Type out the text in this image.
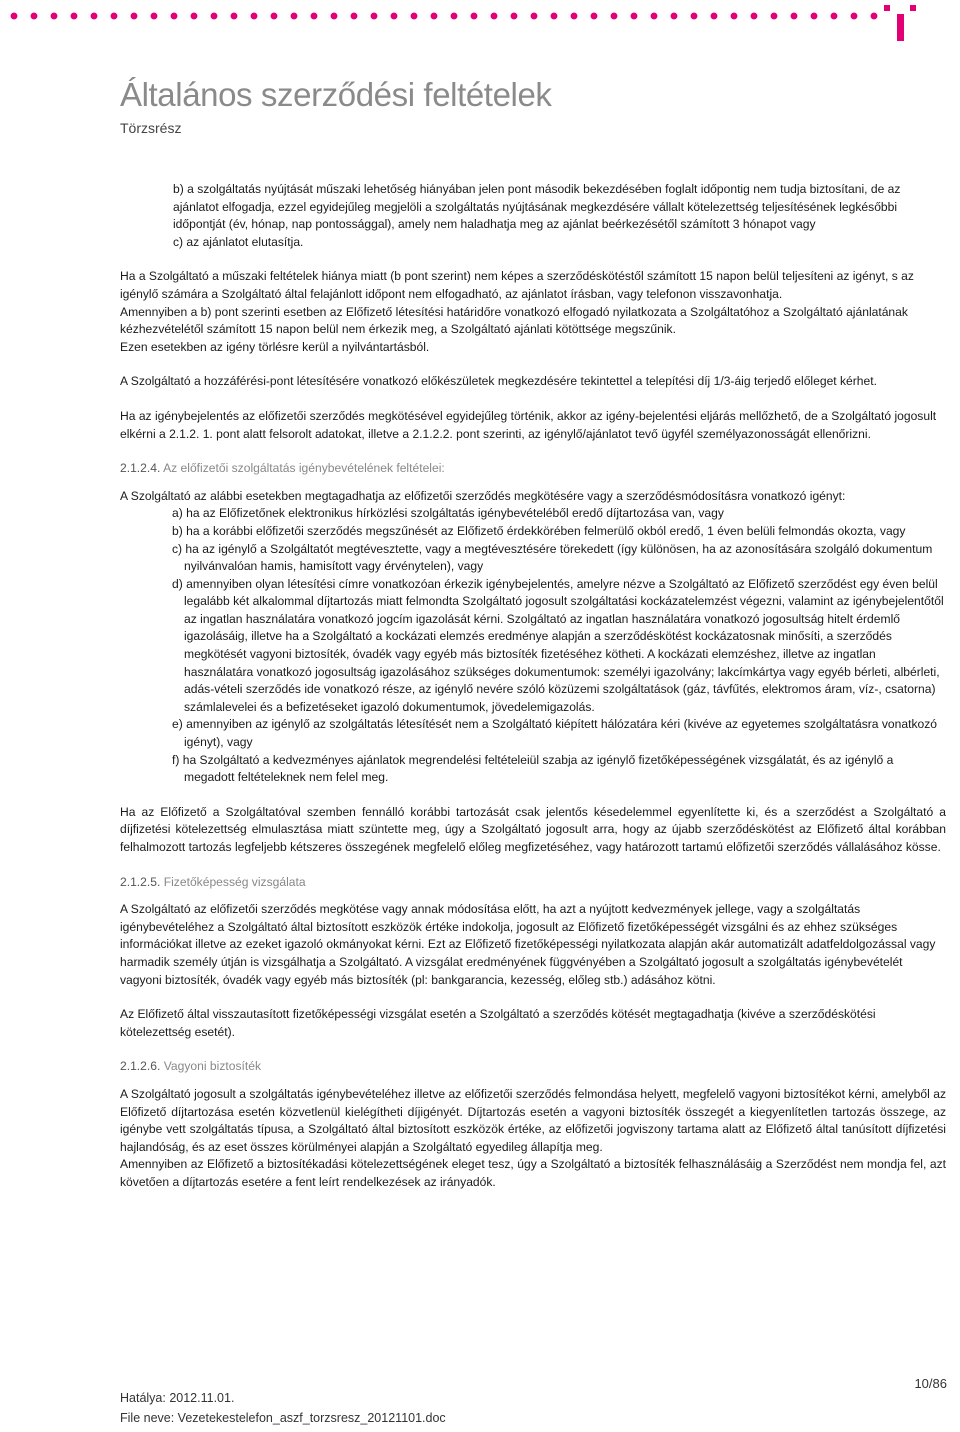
Általános szerződési feltételek
Törzsrész

b) a szolgáltatás nyújtását műszaki lehetőség hiányában jelen pont második bekezdésében foglalt időpontig nem tudja biztosítani, de az ajánlatot elfogadja, ezzel egyidejűleg megjelöli a szolgáltatás nyújtásának megkezdésére vállalt kötelezettség teljesítésének legkésőbbi időpontját (év, hónap, nap pontossággal), amely nem haladhatja meg az ajánlat beérkezésétől számított 3 hónapot vagy

c) az ajánlatot elutasítja.

Ha a Szolgáltató a műszaki feltételek hiánya miatt (b pont szerint) nem képes a szerződéskötéstől számított 15 napon belül teljesíteni az igényt, s az igénylő számára a Szolgáltató által felajánlott időpont nem elfogadható, az ajánlatot írásban, vagy telefonon visszavonhatja.

Amennyiben a b) pont szerinti esetben az Előfizető létesítési határidőre vonatkozó elfogadó nyilatkozata a Szolgáltatóhoz a Szolgáltató ajánlatának kézhezvételétől számított 15 napon belül nem érkezik meg, a Szolgáltató ajánlati kötöttsége megszűnik.

Ezen esetekben az igény törlésre kerül a nyilvántartásból.

A Szolgáltató a hozzáférési-pont létesítésére vonatkozó előkészületek megkezdésére tekintettel a telepítési díj 1/3-áig terjedő előleget kérhet.

Ha az igénybejelentés az előfizetői szerződés megkötésével egyidejűleg történik, akkor az igény-bejelentési eljárás mellőzhető, de a Szolgáltató jogosult elkérni a 2.1.2. 1. pont alatt felsorolt adatokat, illetve a 2.1.2.2. pont szerinti, az igénylő/ajánlatot tevő ügyfél személyazonosságát ellenőrizni.

2.1.2.4. Az előfizetői szolgáltatás igénybevételének feltételei:

A Szolgáltató az alábbi esetekben megtagadhatja az előfizetői szerződés megkötésére vagy a szerződésmódosításra vonatkozó igényt:

a) ha az Előfizetőnek elektronikus hírközlési szolgáltatás igénybevételéből eredő díjtartozása van, vagy
b) ha a korábbi előfizetői szerződés megszűnését az Előfizető érdekkörében felmerülő okból eredő, 1 éven belüli felmondás okozta, vagy
c) ha az igénylő a Szolgáltatót megtévesztette, vagy a megtévesztésére törekedett (így különösen, ha az azonosítására szolgáló dokumentum nyilvánvalóan hamis, hamisított vagy érvénytelen), vagy
d) amennyiben olyan létesítési címre vonatkozóan érkezik igénybejelentés, amelyre nézve a Szolgáltató az Előfizető szerződést egy éven belül legalább két alkalommal díjtartozás miatt felmondta Szolgáltató jogosult szolgáltatási kockázatelemzést végezni, valamint az igénybejelentőtől az ingatlan használatára vonatkozó jogcím igazolását kérni. Szolgáltató az ingatlan használatára vonatkozó jogosultság hitelt érdemlő igazolásáig, illetve ha a Szolgáltató a kockázati elemzés eredménye alapján a szerződéskötést kockázatosnak minősíti, a szerződés megkötését vagyoni biztosíték, óvadék vagy egyéb más biztosíték fizetéséhez kötheti. A kockázati elemzéshez, illetve az ingatlan használatára vonatkozó jogosultság igazolásához szükséges dokumentumok: személyi igazolvány; lakcímkártya vagy egyéb bérleti, albérleti, adás-vételi szerződés ide vonatkozó része, az igénylő nevére szóló közüzemi szolgáltatások (gáz, távfűtés, elektromos áram, víz-, csatorna) számlalevelei és a befizetéseket igazoló dokumentumok, jövedelemigazolás.
e) amennyiben az igénylő az szolgáltatás létesítését nem a Szolgáltató kiépített hálózatára kéri (kivéve az egyetemes szolgáltatásra vonatkozó igényt), vagy
f) ha Szolgáltató a kedvezményes ajánlatok megrendelési feltételeiül szabja az igénylő fizetőképességének vizsgálatát, és az igénylő a megadott feltételeknek nem felel meg.

Ha az Előfizető a Szolgáltatóval szemben fennálló korábbi tartozását csak jelentős késedelemmel egyenlítette ki, és a szerződést a Szolgáltató a díjfizetési kötelezettség elmulasztása miatt szüntette meg, úgy a Szolgáltató jogosult arra, hogy az újabb szerződéskötést az Előfizető által korábban felhalmozott tartozás legfeljebb kétszeres összegének megfelelő előleg megfizetéséhez, vagy határozott tartamú előfizetői szerződés vállalásához kösse.

2.1.2.5. Fizetőképesség vizsgálata

A Szolgáltató az előfizetői szerződés megkötése vagy annak módosítása előtt, ha azt a nyújtott kedvezmények jellege, vagy a szolgáltatás igénybevételéhez a Szolgáltató által biztosított eszközök értéke indokolja, jogosult az Előfizető fizetőképességét vizsgálni és az ehhez szükséges információkat illetve az ezeket igazoló okmányokat kérni. Ezt az Előfizető fizetőképességi nyilatkozata alapján akár automatizált adatfeldolgozással vagy harmadik személy útján is vizsgálhatja a Szolgáltató. A vizsgálat eredményének függvényében a Szolgáltató jogosult a szolgáltatás igénybevételét vagyoni biztosíték, óvadék vagy egyéb más biztosíték (pl: bankgarancia, kezesség, előleg stb.) adásához kötni.

Az Előfizető által visszautasított fizetőképességi vizsgálat esetén a Szolgáltató a szerződés kötését megtagadhatja (kivéve a szerződéskötési kötelezettség esetét).

2.1.2.6. Vagyoni biztosíték

A Szolgáltató jogosult a szolgáltatás igénybevételéhez illetve az előfizetői szerződés felmondása helyett, megfelelő vagyoni biztosítékot kérni, amelyből az Előfizető díjtartozása esetén közvetlenül kielégítheti díjigényét. Díjtartozás esetén a vagyoni biztosíték összegét a kiegyenlítetlen tartozás összege, az igénybe vett szolgáltatás típusa, a Szolgáltató által biztosított eszközök értéke, az előfizetői jogviszony tartama alatt az Előfizető által tanúsított díjfizetési hajlandóság, és az eset összes körülményei alapján a Szolgáltató egyedileg állapítja meg.

Amennyiben az Előfizető a biztosítékadási kötelezettségének eleget tesz, úgy a Szolgáltató a biztosíték felhasználásáig a Szerződést nem mondja fel, azt követően a díjtartozás esetére a fent leírt rendelkezések az irányadók.

10/86
Hatálya: 2012.11.01.
File neve: Vezetekestelefon_aszf_torzsresz_20121101.doc
